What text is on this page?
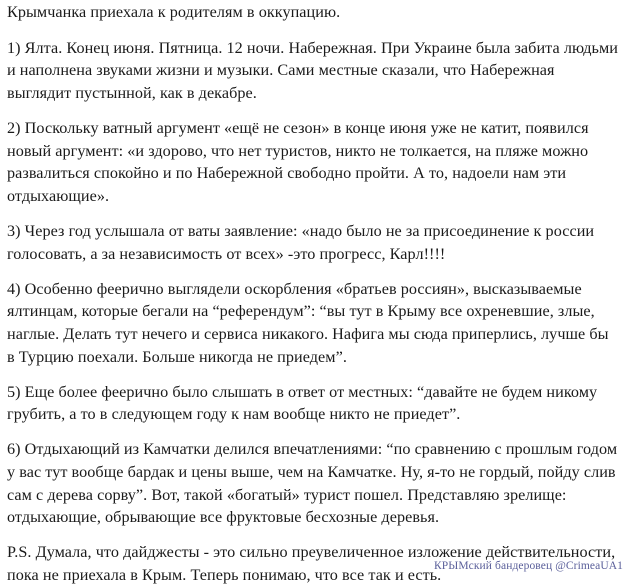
Крымчанка приехала к родителям в оккупацию.

1) Ялта. Конец июня. Пятница. 12 ночи. Набережная. При Украине была забита людьми и наполнена звуками жизни и музыки. Сами местные сказали, что Набережная выглядит пустынной, как в декабре.

2) Поскольку ватный аргумент «ещё не сезон» в конце июня уже не катит, появился новый аргумент: «и здорово, что нет туристов, никто не толкается, на пляже можно развалиться спокойно и по Набережной свободно пройти. А то, надоели нам эти отдыхающие».

3) Через год услышала от ваты заявление: «надо было не за присоединение к россии голосовать, а за независимость от всех» -это прогресс, Карл!!!!

4) Особенно феерично выглядели оскорбления «братьев россиян», высказываемые ялтинцам, которые бегали на “референдум”: “вы тут в Крыму все охреневшие, злые, наглые. Делать тут нечего и сервиса никакого. Нафига мы сюда приперлись, лучше бы в Турцию поехали. Больше никогда не приедем”.

5) Еще более феерично было слышать в ответ от местных: “давайте не будем никому грубить, а то в следующем году к нам вообще никто не приедет”.

6) Отдыхающий из Камчатки делился впечатлениями: “по сравнению с прошлым годом у вас тут вообще бардак и цены выше, чем на Камчатке. Ну, я-то не гордый, пойду слив сам с дерева сорву”. Вот, такой «богатый» турист пошел. Представляю зрелище: отдыхающие, обрывающие все фруктовые бесхозные деревья.

P.S. Думала, что дайджесты - это сильно преувеличенное изложение действительности, пока не приехала в Крым. Теперь понимаю, что все так и есть.

КРЫМский бандеровец @CrimeaUA1
